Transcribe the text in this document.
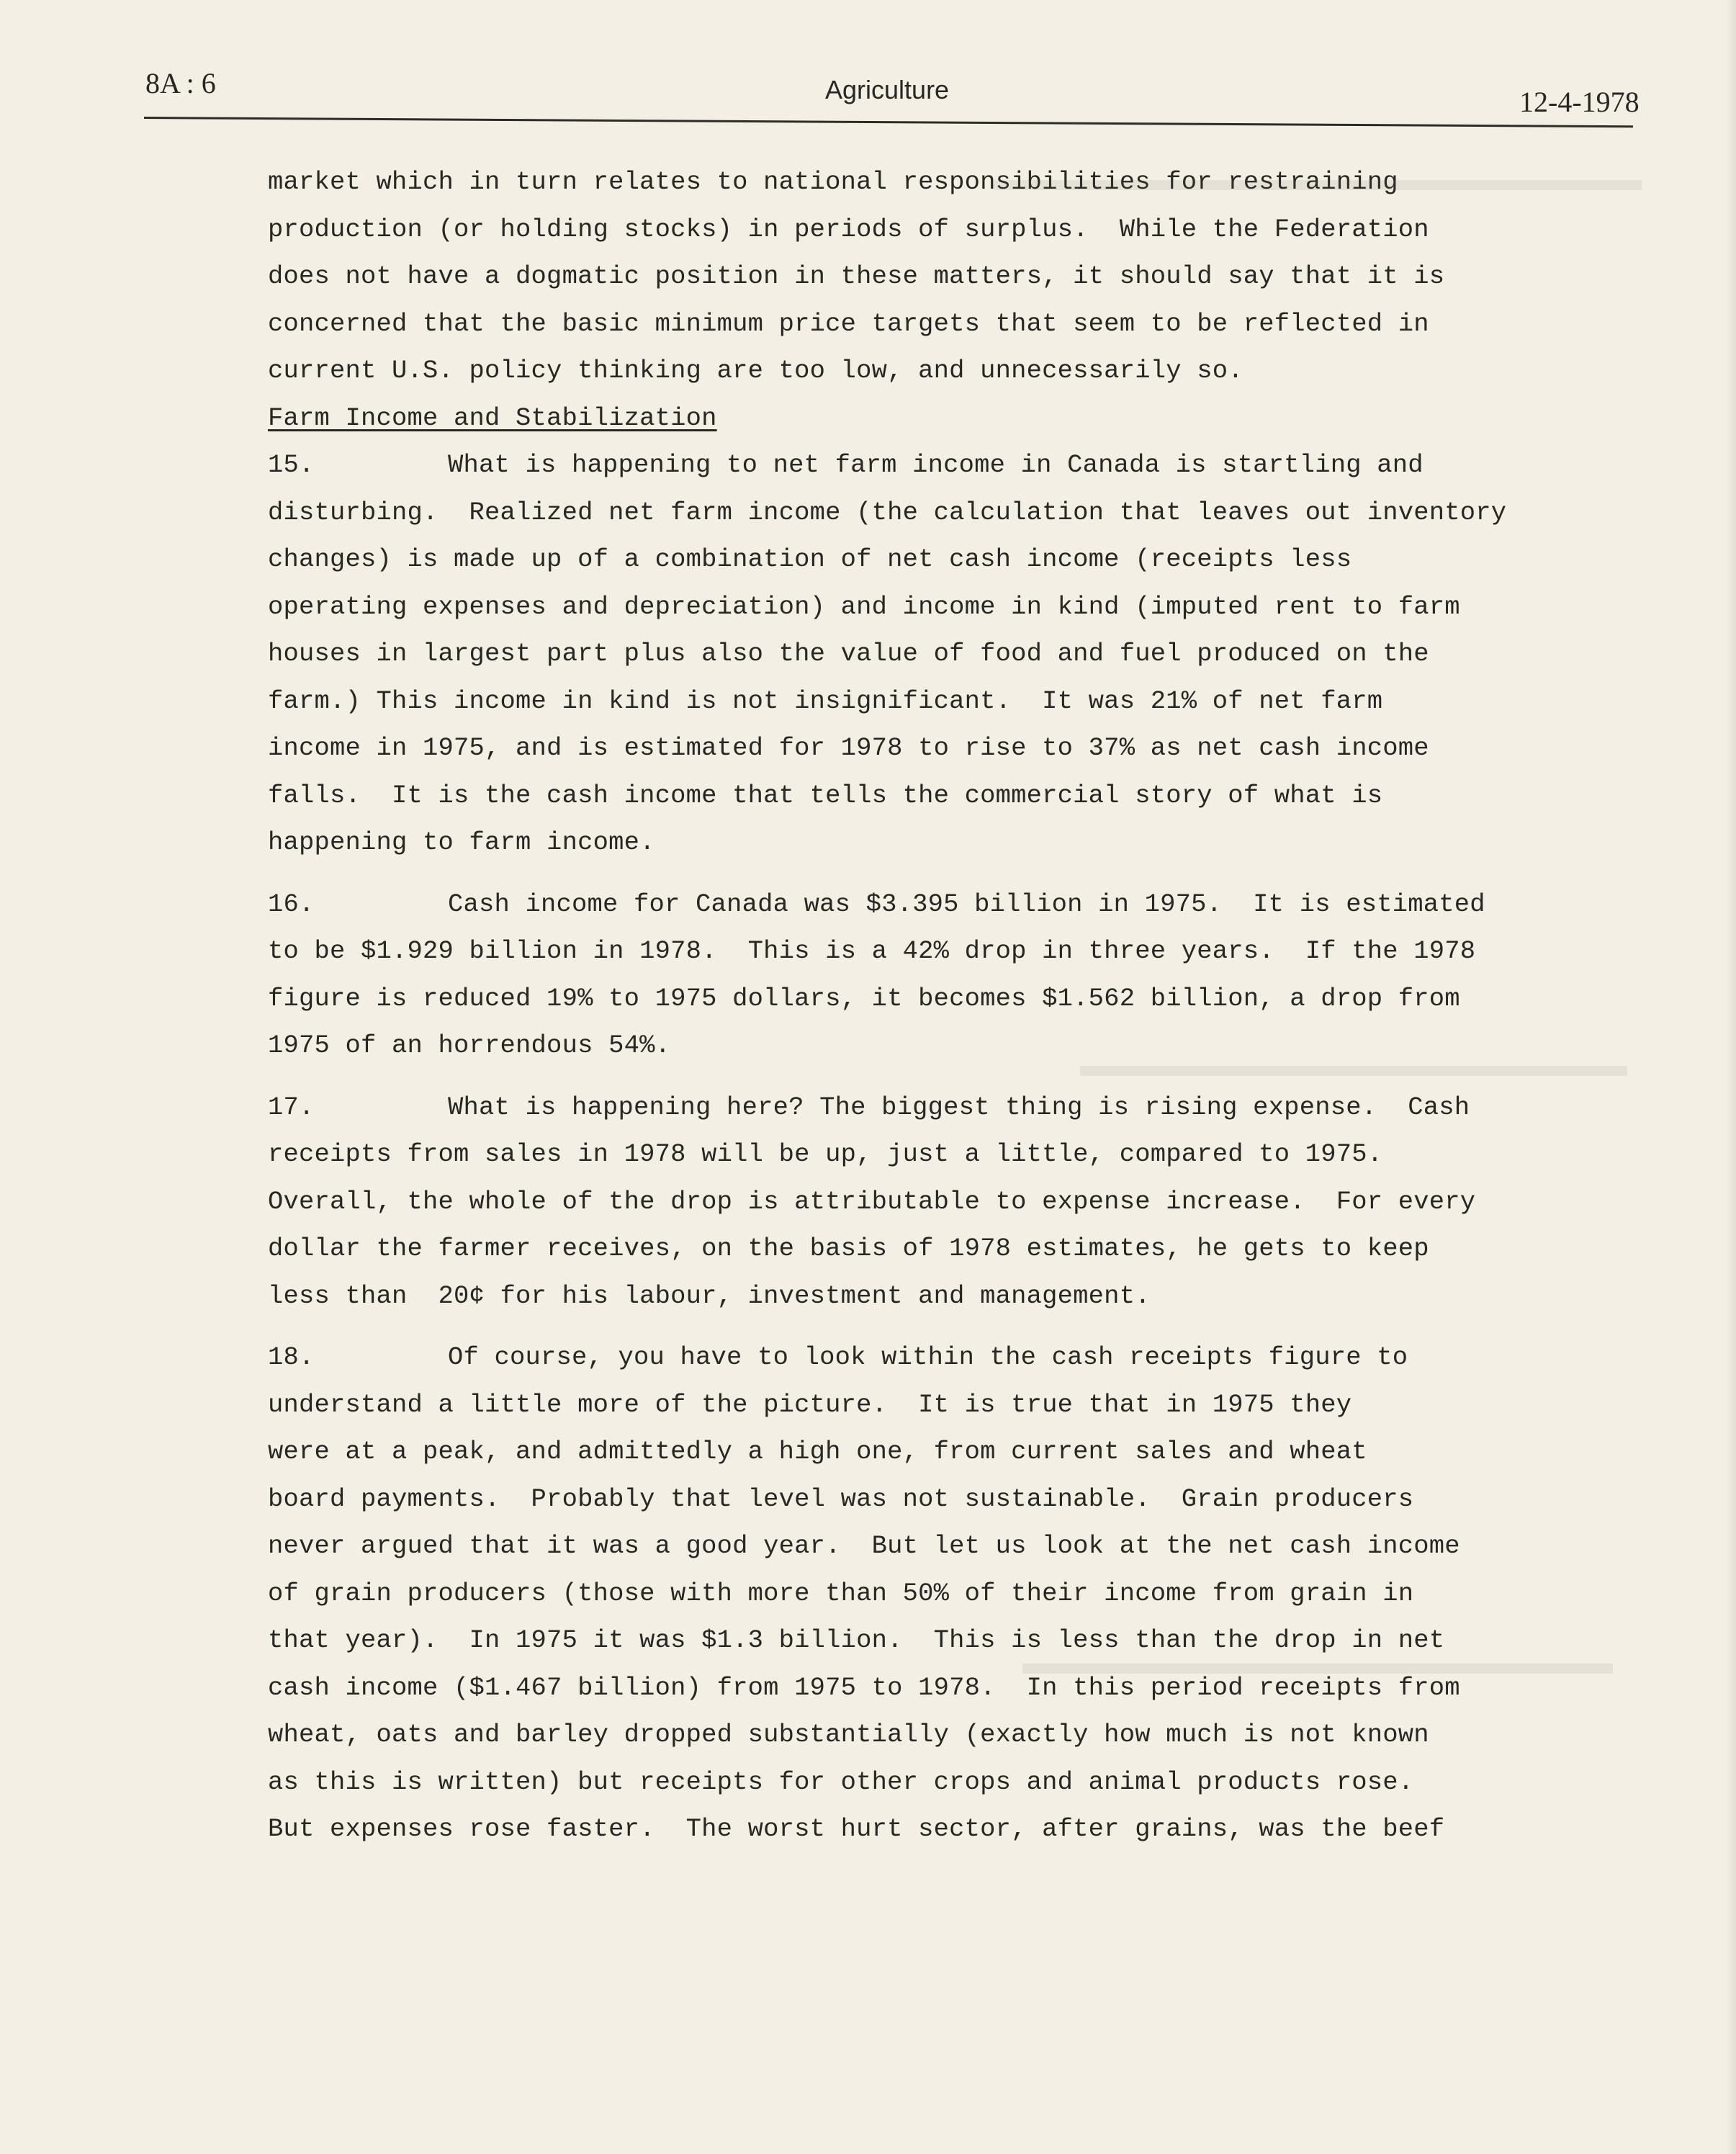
8A : 6	Agriculture	12-4-1978
market which in turn relates to national responsibilities for restraining
production (or holding stocks) in periods of surplus.  While the Federation
does not have a dogmatic position in these matters, it should say that it is
concerned that the basic minimum price targets that seem to be reflected in
current U.S. policy thinking are too low, and unnecessarily so.
Farm Income and Stabilization
15.	What is happening to net farm income in Canada is startling and
disturbing.  Realized net farm income (the calculation that leaves out inventory
changes) is made up of a combination of net cash income (receipts less
operating expenses and depreciation) and income in kind (imputed rent to farm
houses in largest part plus also the value of food and fuel produced on the
farm.) This income in kind is not insignificant.  It was 21% of net farm
income in 1975, and is estimated for 1978 to rise to 37% as net cash income
falls.  It is the cash income that tells the commercial story of what is
happening to farm income.
16.	Cash income for Canada was $3.395 billion in 1975.  It is estimated
to be $1.929 billion in 1978.  This is a 42% drop in three years.  If the 1978
figure is reduced 19% to 1975 dollars, it becomes $1.562 billion, a drop from
1975 of an horrendous 54%.
17.	What is happening here? The biggest thing is rising expense.  Cash
receipts from sales in 1978 will be up, just a little, compared to 1975.
Overall, the whole of the drop is attributable to expense increase.  For every
dollar the farmer receives, on the basis of 1978 estimates, he gets to keep
less than  20¢ for his labour, investment and management.
18.	Of course, you have to look within the cash receipts figure to
understand a little more of the picture.  It is true that in 1975 they
were at a peak, and admittedly a high one, from current sales and wheat
board payments.  Probably that level was not sustainable.  Grain producers
never argued that it was a good year.  But let us look at the net cash income
of grain producers (those with more than 50% of their income from grain in
that year).  In 1975 it was $1.3 billion.  This is less than the drop in net
cash income ($1.467 billion) from 1975 to 1978.  In this period receipts from
wheat, oats and barley dropped substantially (exactly how much is not known
as this is written) but receipts for other crops and animal products rose.
But expenses rose faster.  The worst hurt sector, after grains, was the beef
